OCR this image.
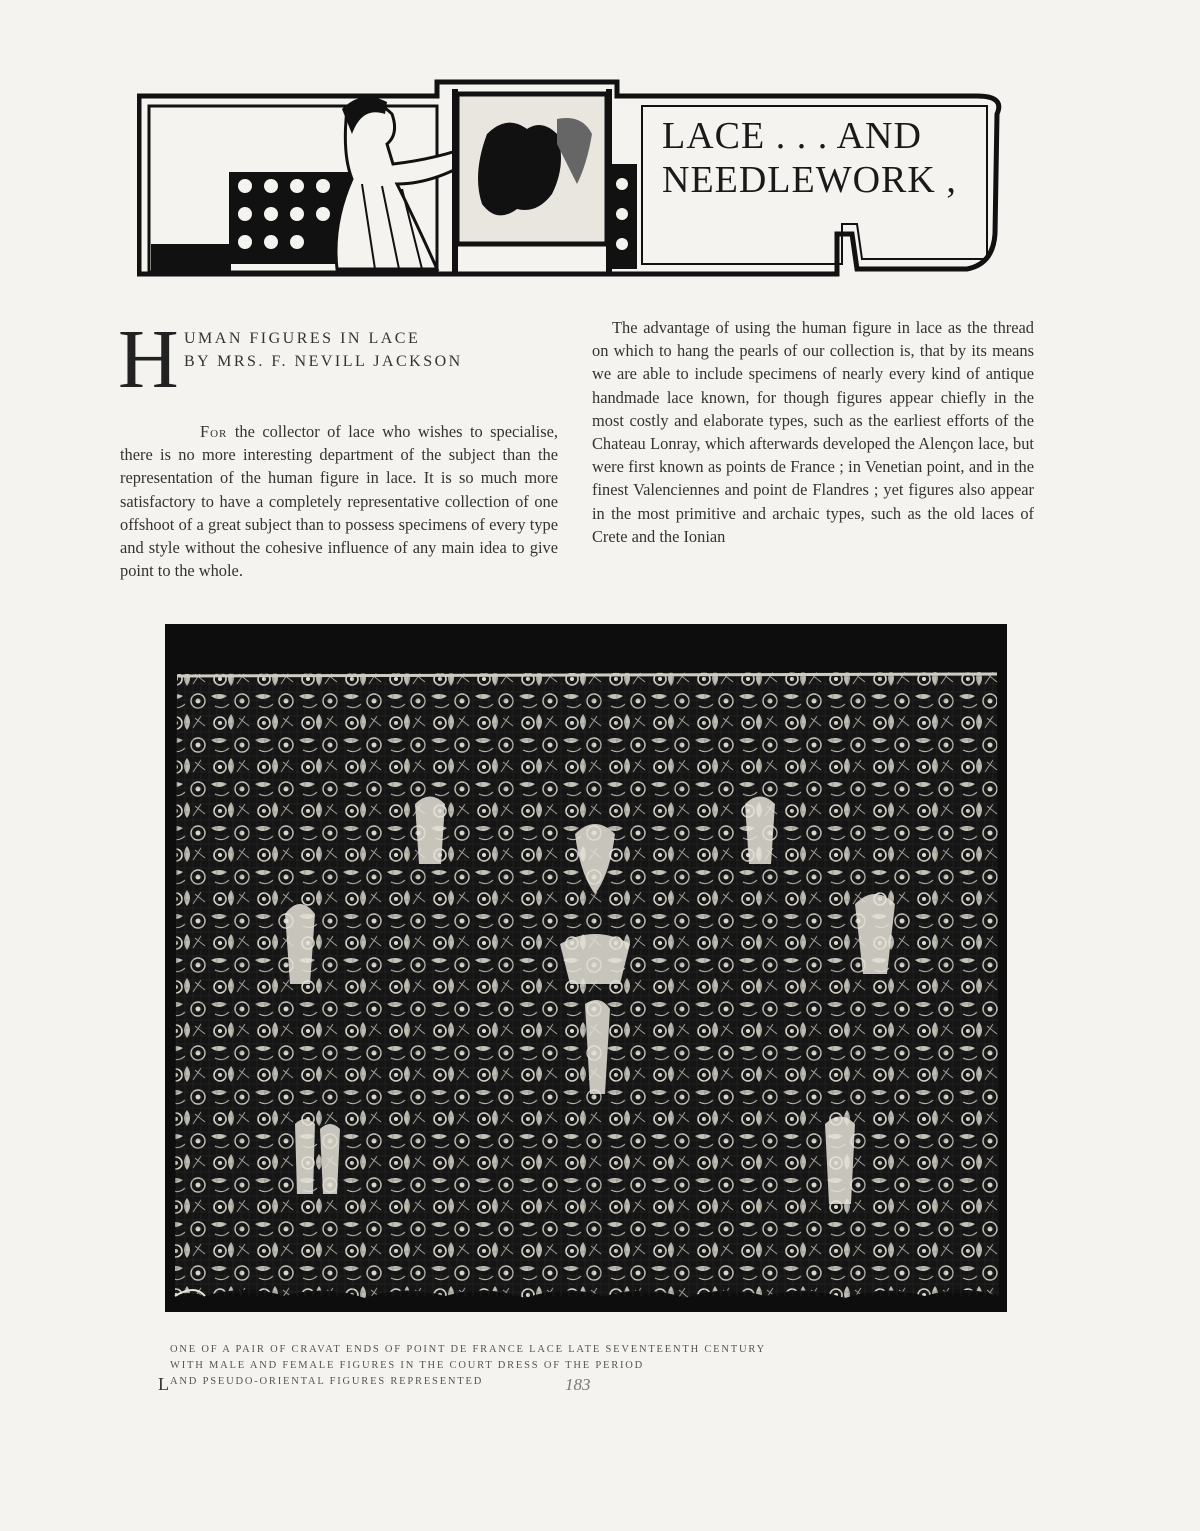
LACE . . . AND
NEEDLEWORK ,
H UMAN FIGURES IN LACE
BY MRS. F. NEVILL JACKSON
For the collector of lace who wishes to specialise, there is no more interesting department of the subject than the representation of the human figure in lace. It is so much more satisfactory to have a completely representative collection of one offshoot of a great subject than to possess specimens of every type and style without the cohesive influence of any main idea to give point to the whole.
The advantage of using the human figure in lace as the thread on which to hang the pearls of our collection is, that by its means we are able to include specimens of nearly every kind of antique handmade lace known, for though figures appear chiefly in the most costly and elaborate types, such as the earliest efforts of the Chateau Lonray, which afterwards developed the Alençon lace, but were first known as points de France ; in Venetian point, and in the finest Valenciennes and point de Flandres ; yet figures also appear in the most primitive and archaic types, such as the old laces of Crete and the Ionian
ONE OF A PAIR OF CRAVAT ENDS OF POINT DE FRANCE LACE LATE SEVENTEENTH CENTURY
WITH MALE AND FEMALE FIGURES IN THE COURT DRESS OF THE PERIOD
AND PSEUDO-ORIENTAL FIGURES REPRESENTED
L	183
